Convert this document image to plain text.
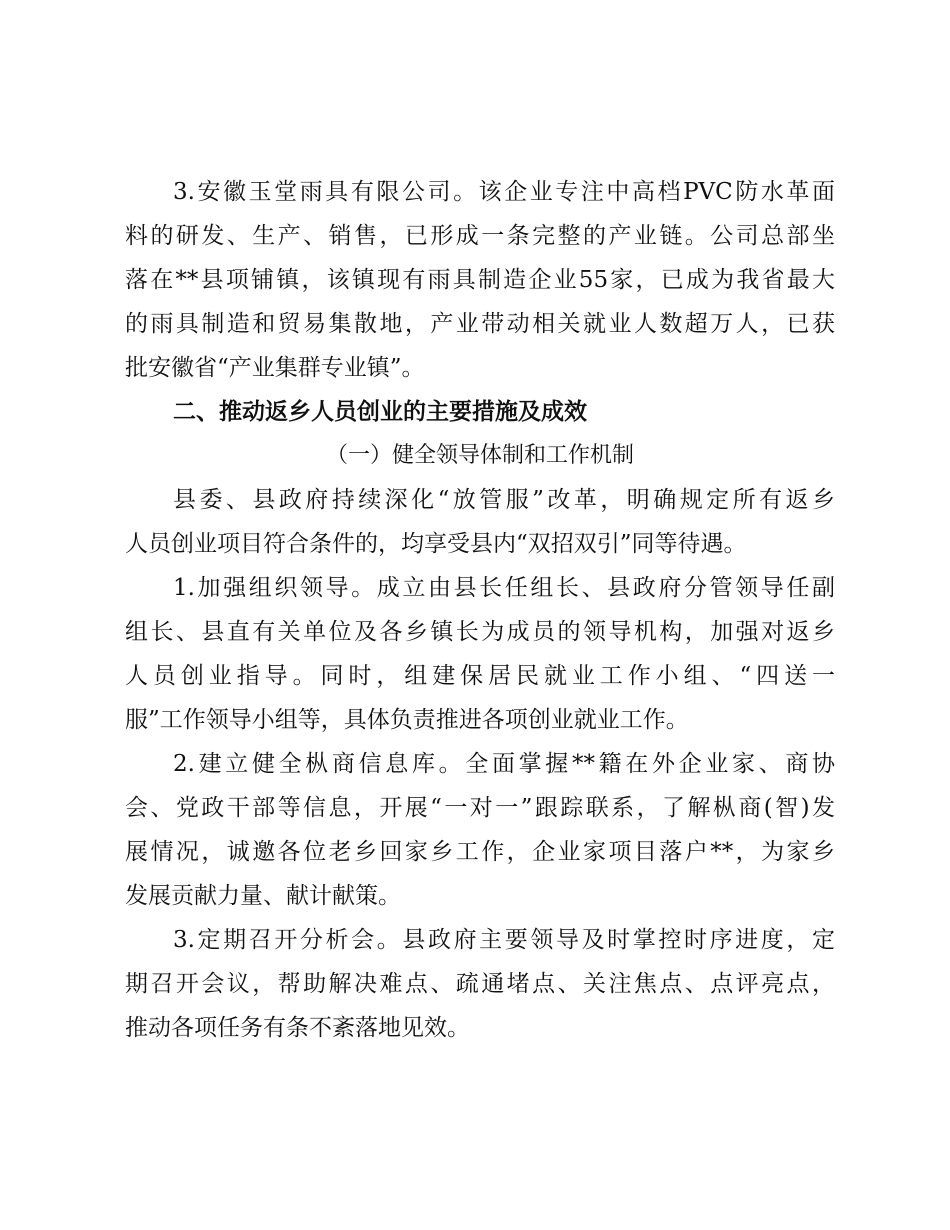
3.安徽玉堂雨具有限公司。该企业专注中高档PVC防水革面
料的研发、生产、销售，已形成一条完整的产业链。公司总部坐
落在**县项铺镇，该镇现有雨具制造企业55家，已成为我省最大
的雨具制造和贸易集散地，产业带动相关就业人数超万人，已获
批安徽省“产业集群专业镇”。
二、推动返乡人员创业的主要措施及成效
（一）健全领导体制和工作机制
县委、县政府持续深化“放管服”改革，明确规定所有返乡
人员创业项目符合条件的，均享受县内“双招双引”同等待遇。
1.加强组织领导。成立由县长任组长、县政府分管领导任副
组长、县直有关单位及各乡镇长为成员的领导机构，加强对返乡
人员创业指导。同时，组建保居民就业工作小组、“四送一
服”工作领导小组等，具体负责推进各项创业就业工作。
2.建立健全枞商信息库。全面掌握**籍在外企业家、商协
会、党政干部等信息，开展“一对一”跟踪联系，了解枞商(智)发
展情况，诚邀各位老乡回家乡工作，企业家项目落户**，为家乡
发展贡献力量、献计献策。
3.定期召开分析会。县政府主要领导及时掌控时序进度，定
期召开会议，帮助解决难点、疏通堵点、关注焦点、点评亮点，
推动各项任务有条不紊落地见效。
